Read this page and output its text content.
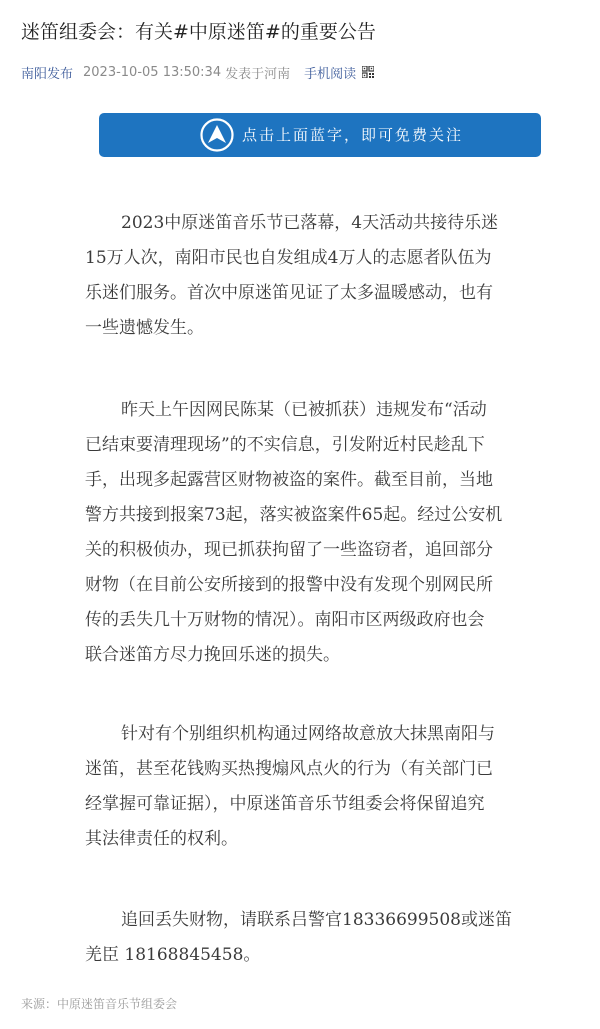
迷笛组委会：有关#中原迷笛#的重要公告
南阳发布 2023-10-05 13:50:34 发表于河南 手机阅读
点击上面蓝字，即可免费关注
2023中原迷笛音乐节已落幕，4天活动共接待乐迷
15万人次，南阳市民也自发组成4万人的志愿者队伍为
乐迷们服务。首次中原迷笛见证了太多温暖感动，也有
一些遗憾发生。
昨天上午因网民陈某（已被抓获）违规发布“活动
已结束要清理现场”的不实信息，引发附近村民趁乱下
手，出现多起露营区财物被盗的案件。截至目前，当地
警方共接到报案73起，落实被盗案件65起。经过公安机
关的积极侦办，现已抓获拘留了一些盗窃者，追回部分
财物（在目前公安所接到的报警中没有发现个别网民所
传的丢失几十万财物的情况）。南阳市区两级政府也会
联合迷笛方尽力挽回乐迷的损失。
针对有个别组织机构通过网络故意放大抹黑南阳与
迷笛，甚至花钱购买热搜煽风点火的行为（有关部门已
经掌握可靠证据），中原迷笛音乐节组委会将保留追究
其法律责任的权利。
追回丢失财物，请联系吕警官18336699508或迷笛
羌臣 18168845458。
来源：中原迷笛音乐节组委会
